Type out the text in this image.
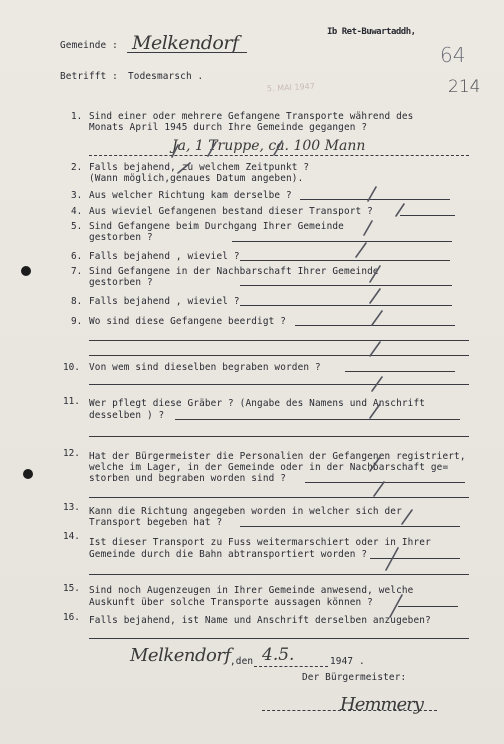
Gemeinde : Melkendorf	Ib Ret-Buwartaddh,
64
214
Betrifft : Todesmarsch .
5. MAI 1947
1. Sind einer oder mehrere Gefangene Transporte während des
Monats April 1945 durch Ihre Gemeinde gegangen ?
Ja, 1 Truppe, ca. 100 Mann
2. Falls bejahend, zu welchem Zeitpunkt ?
(Wann möglich,genaues Datum angeben).
3. Aus welcher Richtung kam derselbe ?
4. Aus wieviel Gefangenen bestand dieser Transport ?
5. Sind Gefangene beim Durchgang Ihrer Gemeinde
gestorben ?
6. Falls bejahend , wieviel ?
7. Sind Gefangene in der Nachbarschaft Ihrer Gemeinde
gestorben ?
8. Falls bejahend , wieviel ?
9. Wo sind diese Gefangene beerdigt ?
10. Von wem sind dieselben begraben worden ?
11. Wer pflegt diese Gräber ? (Angabe des Namens und Anschrift
desselben ) ?
12. Hat der Bürgermeister die Personalien der Gefangenen registriert,
welche im Lager, in der Gemeinde oder in der Nachbarschaft ge=
storben und begraben worden sind ?
13. Kann die Richtung angegeben worden in welcher sich der
Transport begeben hat ?
14.
Ist dieser Transport zu Fuss weitermarschiert oder in Ihrer
Gemeinde durch die Bahn abtransportiert worden ?
15. Sind noch Augenzeugen in Ihrer Gemeinde anwesend, welche
Auskunft über solche Transporte aussagen können ?
16. Falls bejahend, ist Name und Anschrift derselben anzugeben?
Melkendorf ,den 4.5.	1947 .
Der Bürgermeister:
Hemmery
